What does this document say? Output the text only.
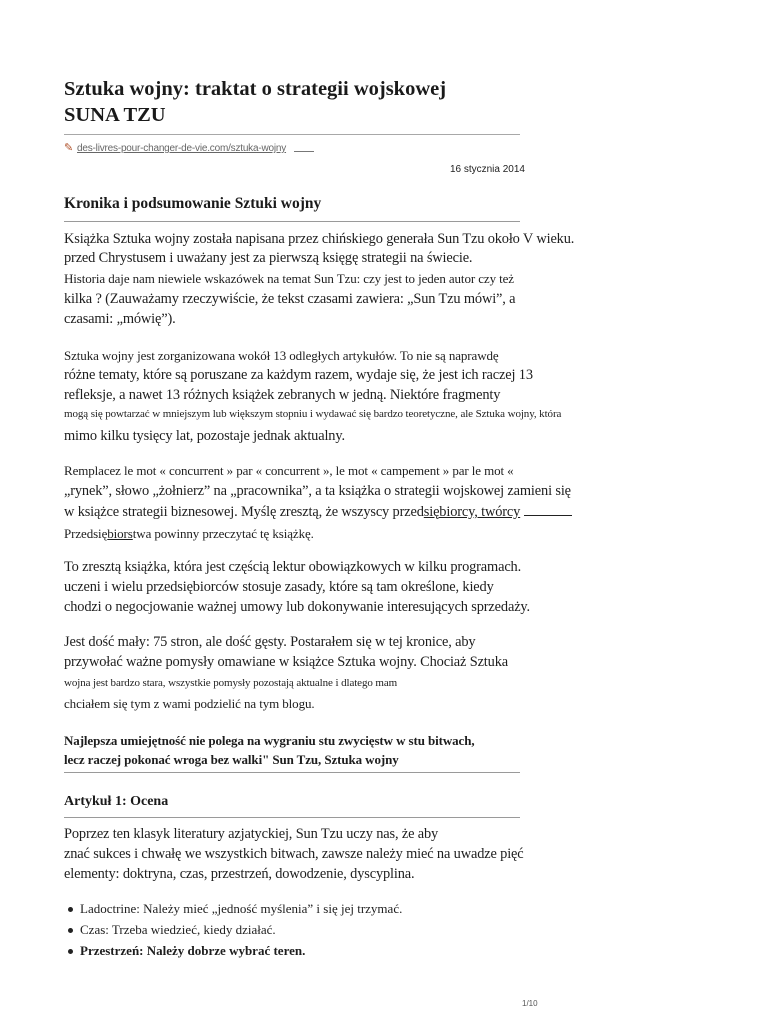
Sztuka wojny: traktat o strategii wojskowej SUNA TZU
✎ des-livres-pour-changer-de-vie.com/sztuka-wojny
16 stycznia 2014
Kronika i podsumowanie Sztuki wojny
Książka Sztuka wojny została napisana przez chińskiego generała Sun Tzu około V wieku.
przed Chrystusem i uważany jest za pierwszą księgę strategii na świecie.
Historia daje nam niewiele wskazówek na temat Sun Tzu: czy jest to jeden autor czy też
kilka ? (Zauważamy rzeczywiście, że tekst czasami zawiera: „Sun Tzu mówi”, a
czasami: „mówię”).
Sztuka wojny jest zorganizowana wokół 13 odległych artykułów. To nie są naprawdę
różne tematy, które są poruszane za każdym razem, wydaje się, że jest ich raczej 13
refleksje, a nawet 13 różnych książek zebranych w jedną. Niektóre fragmenty
mogą się powtarzać w mniejszym lub większym stopniu i wydawać się bardzo teoretyczne, ale Sztuka wojny, która
mimo kilku tysięcy lat, pozostaje jednak aktualny.
Remplacez le mot « concurrent » par « concurrent », le mot « campement » par le mot «
„rynek”, słowo „żołnierz” na „pracownika”, a ta książka o strategii wojskowej zamieni się
w książce strategii biznesowej. Myślę zresztą, że wszyscy przedsiębiorcy, twórcy
Przedsiębiorstwa powinny przeczytać tę książkę.
To zresztą książka, która jest częścią lektur obowiązkowych w kilku programach.
uczeni i wielu przedsiębiorców stosuje zasady, które są tam określone, kiedy
chodzi o negocjowanie ważnej umowy lub dokonywanie interesujących sprzedaży.
Jest dość mały: 75 stron, ale dość gęsty. Postarałem się w tej kronice, aby
przywołać ważne pomysły omawiane w książce Sztuka wojny. Chociaż Sztuka
wojna jest bardzo stara, wszystkie pomysły pozostają aktualne i dlatego mam
chciałem się tym z wami podzielić na tym blogu.
Najlepsza umiejętność nie polega na wygraniu stu zwycięstw w stu bitwach,
lecz raczej pokonać wroga bez walki" Sun Tzu, Sztuka wojny
Artykuł 1: Ocena
Poprzez ten klasyk literatury azjatyckiej, Sun Tzu uczy nas, że aby
znać sukces i chwałę we wszystkich bitwach, zawsze należy mieć na uwadze pięć
elementy: doktryna, czas, przestrzeń, dowodzenie, dyscyplina.
Ladoctrine: Należy mieć „jedność myślenia” i się jej trzymać.
Czas: Trzeba wiedzieć, kiedy działać.
Przestrzeń: Należy dobrze wybrać teren.
1/10
